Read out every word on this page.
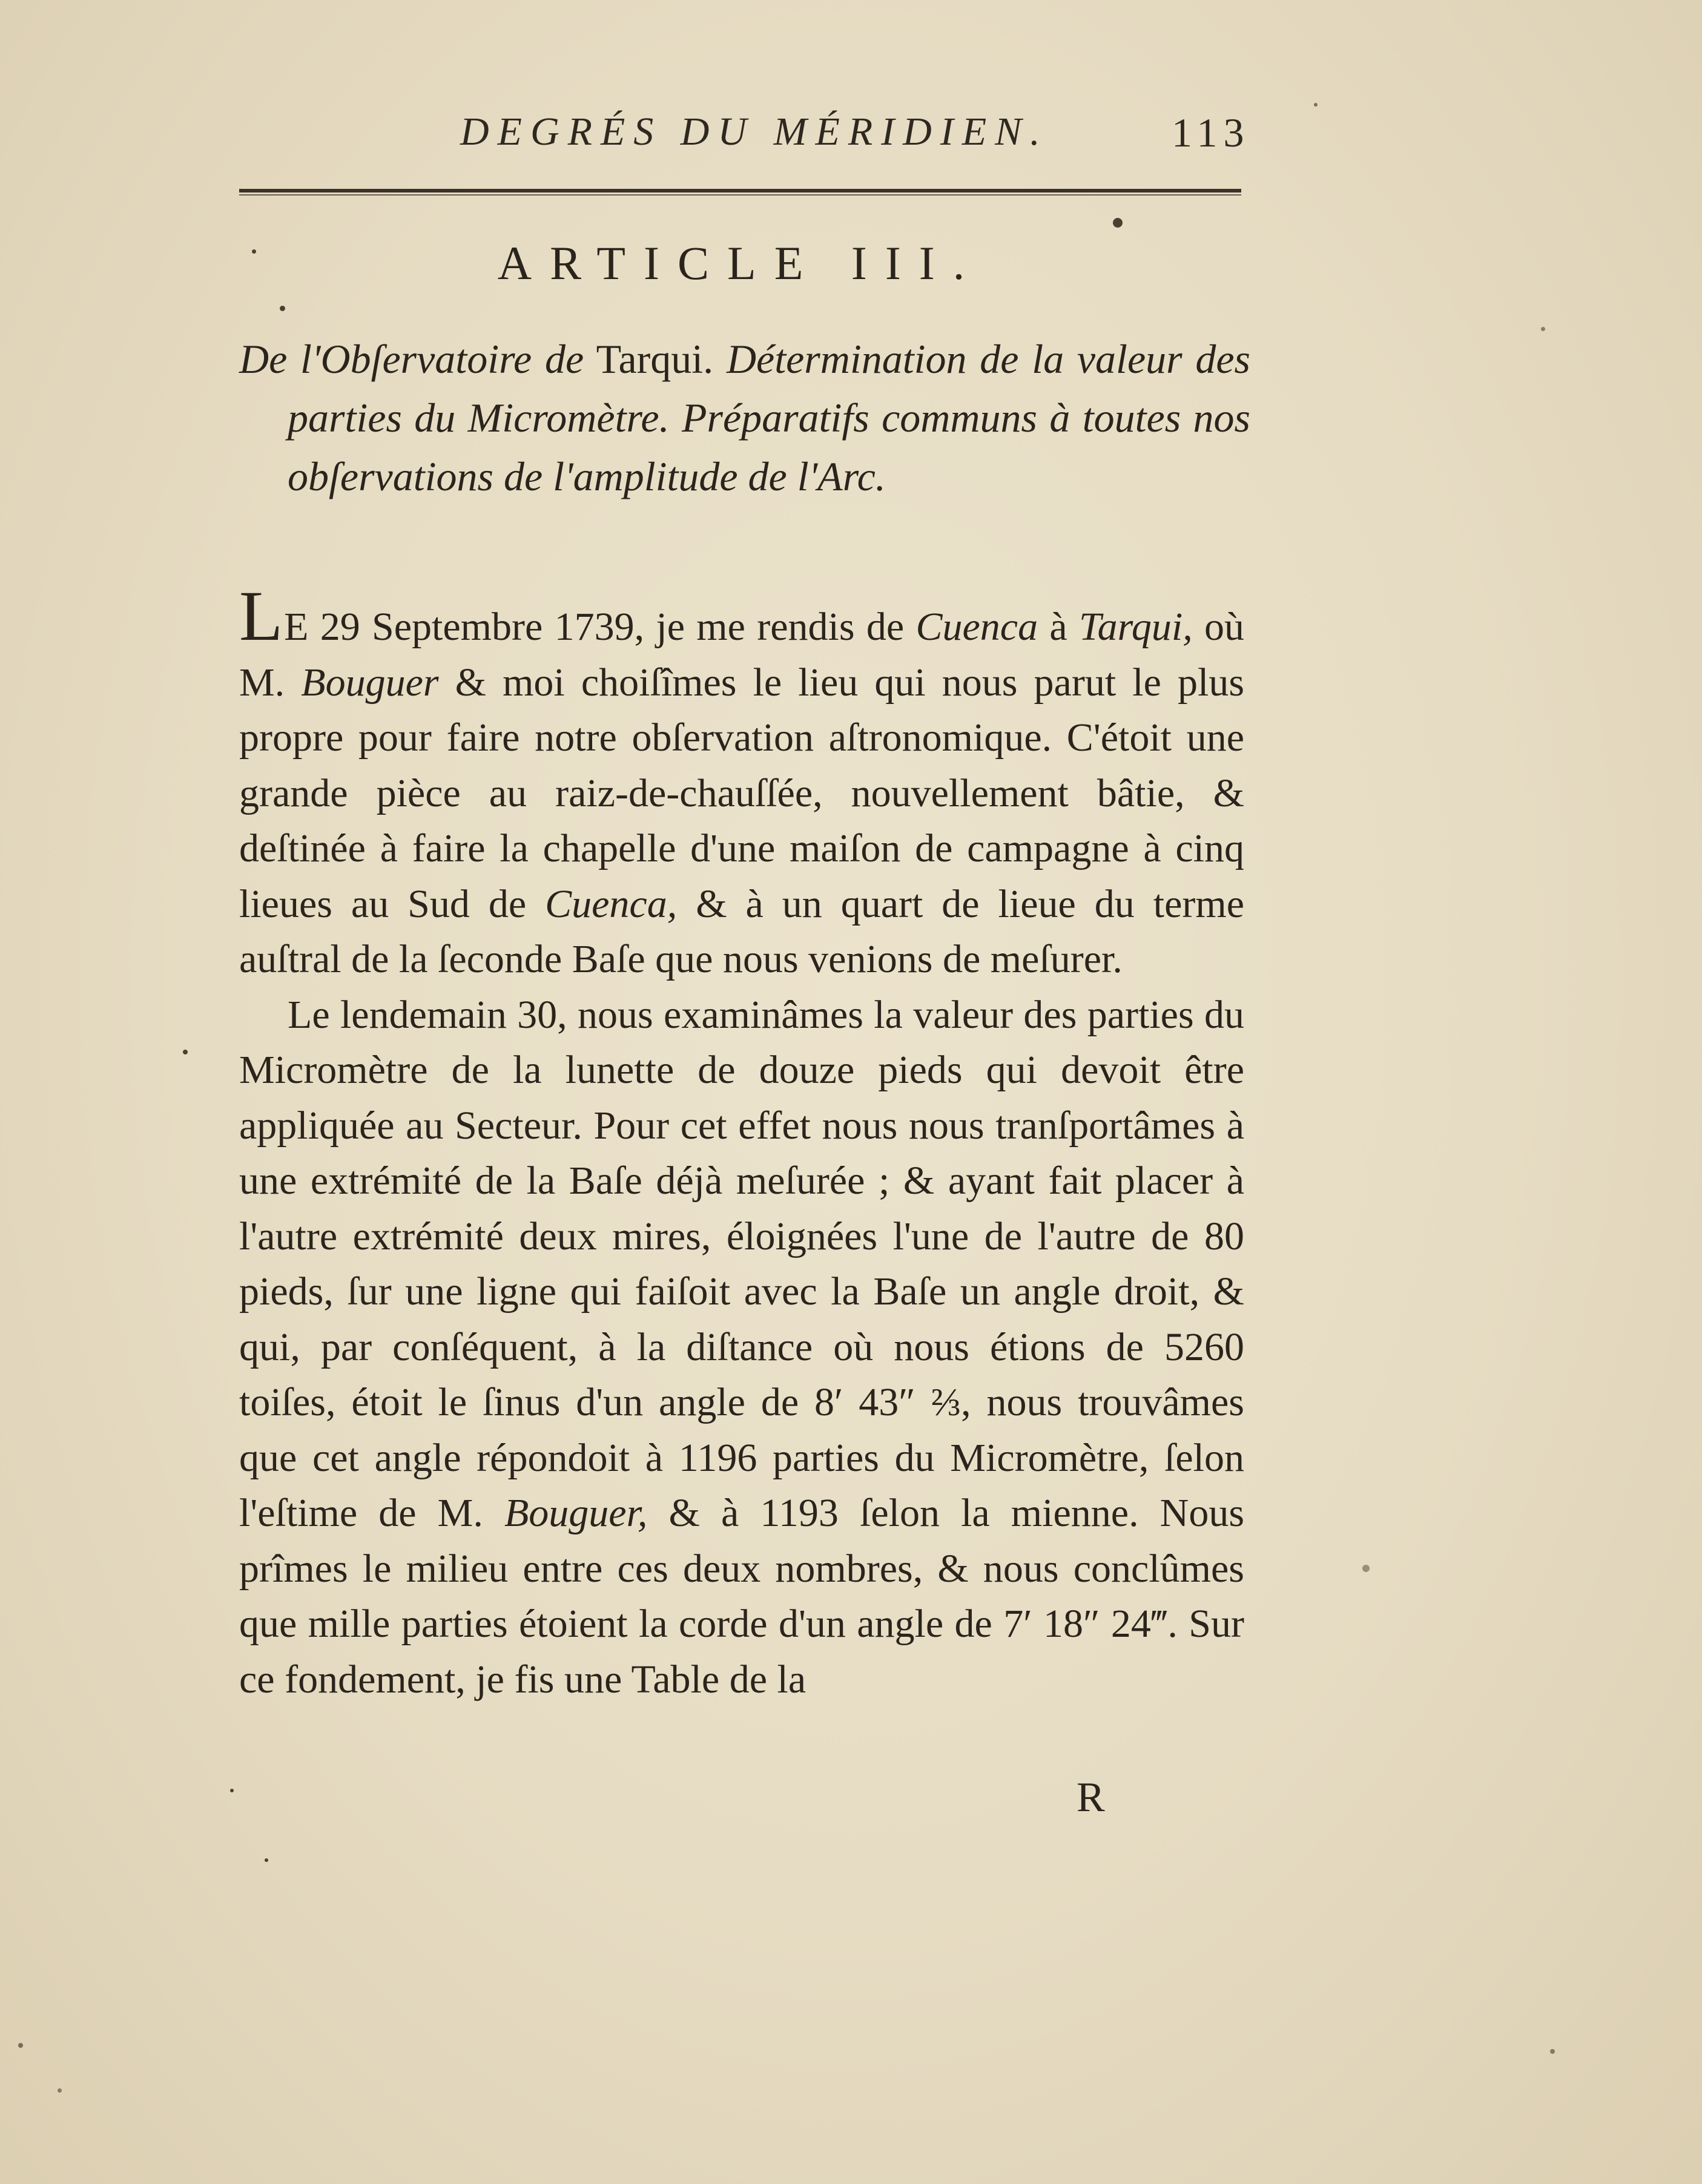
DEGRÉS DU MÉRIDIEN.	113
ARTICLE III.

De l'Obſervatoire de Tarqui. Détermination de la valeur des parties du Micromètre. Préparatifs communs à toutes nos obſervations de l'amplitude de l'Arc.

LE 29 Septembre 1739, je me rendis de Cuenca à Tarqui, où M. Bouguer & moi choiſîmes le lieu qui nous parut le plus propre pour faire notre obſervation aſtronomique. C'étoit une grande pièce au raiz-de-chauſſée, nouvellement bâtie, & deſtinée à faire la chapelle d'une maiſon de campagne à cinq lieues au Sud de Cuenca, & à un quart de lieue du terme auſtral de la ſeconde Baſe que nous venions de meſurer.

Le lendemain 30, nous examinâmes la valeur des parties du Micromètre de la lunette de douze pieds qui devoit être appliquée au Secteur. Pour cet effet nous nous tranſportâmes à une extrémité de la Baſe déjà meſurée ; & ayant fait placer à l'autre extrémité deux mires, éloignées l'une de l'autre de 80 pieds, ſur une ligne qui faiſoit avec la Baſe un angle droit, & qui, par conſéquent, à la diſtance où nous étions de 5260 toiſes, étoit le ſinus d'un angle de 8′ 43″ ⅔, nous trouvâmes que cet angle répondoit à 1196 parties du Micromètre, ſelon l'eſtime de M. Bouguer, & à 1193 ſelon la mienne. Nous prîmes le milieu entre ces deux nombres, & nous conclûmes que mille parties étoient la corde d'un angle de 7′ 18″ 24‴. Sur ce fondement, je fis une Table de la

R
